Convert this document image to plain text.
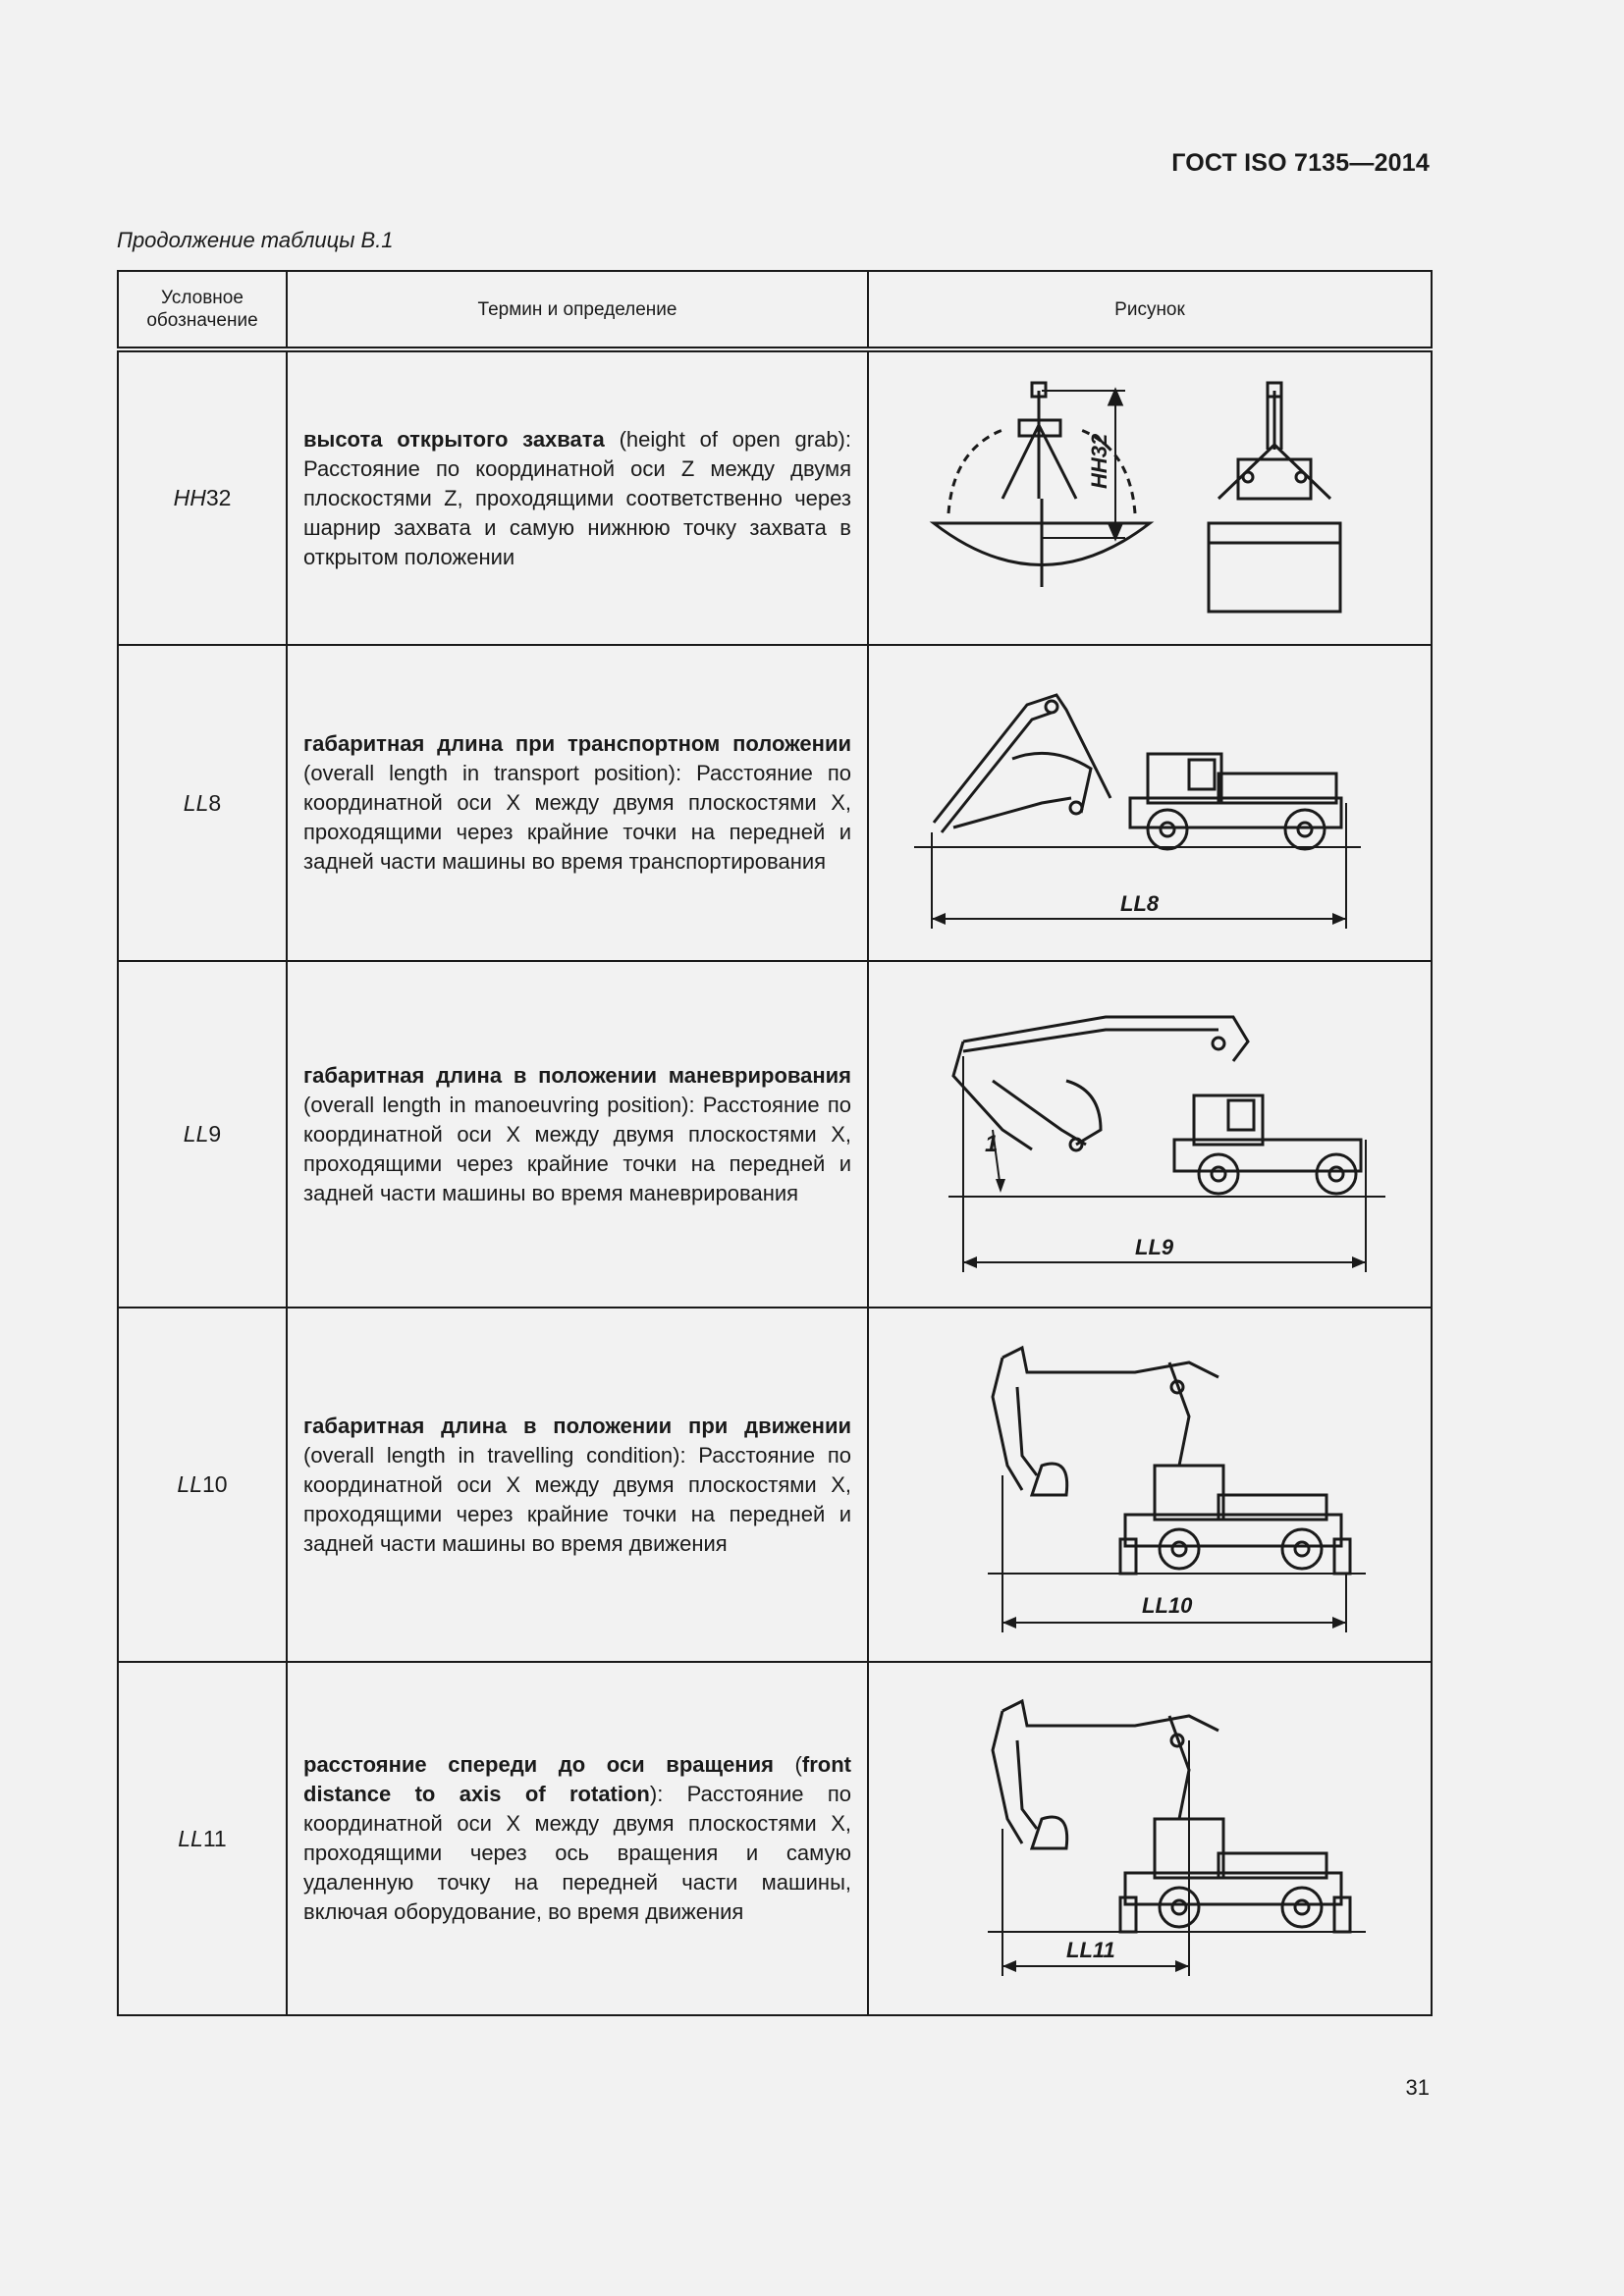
ГОСТ ISO 7135—2014
Продолжение таблицы В.1
Условное обозначение	Термин и определение	Рисунок
HH32	высота открытого захвата (height of open grab): Расстояние по координатной оси Z между двумя плоскостями Z, проходящими соответственно через шарнир захвата и самую нижнюю точку захвата в открытом положении	HH32

LL8	габаритная длина при транспортном положении (overall length in transport position): Расстояние по координатной оси X между двумя плоскостями X, проходящими через крайние точки на передней и задней части машины во время транспортирования	LL8

LL9	габаритная длина в положении маневрирования (overall length in manoeuvring position): Расстояние по координатной оси X между двумя плоскостями X, проходящими через крайние точки на передней и задней части машины во время маневрирования	1
LL9

LL10	габаритная длина в положении при движении (overall length in travelling condition): Расстояние по координатной оси X между двумя плоскостями X, проходящими через крайние точки на передней и задней части машины во время движения	LL10

LL11	расстояние спереди до оси вращения (front distance to axis of rotation): Расстояние по координатной оси X между двумя плоскостями X, проходящими через ось вращения и самую удаленную точку на передней части машины, включая оборудование, во время движения	LL11
31
